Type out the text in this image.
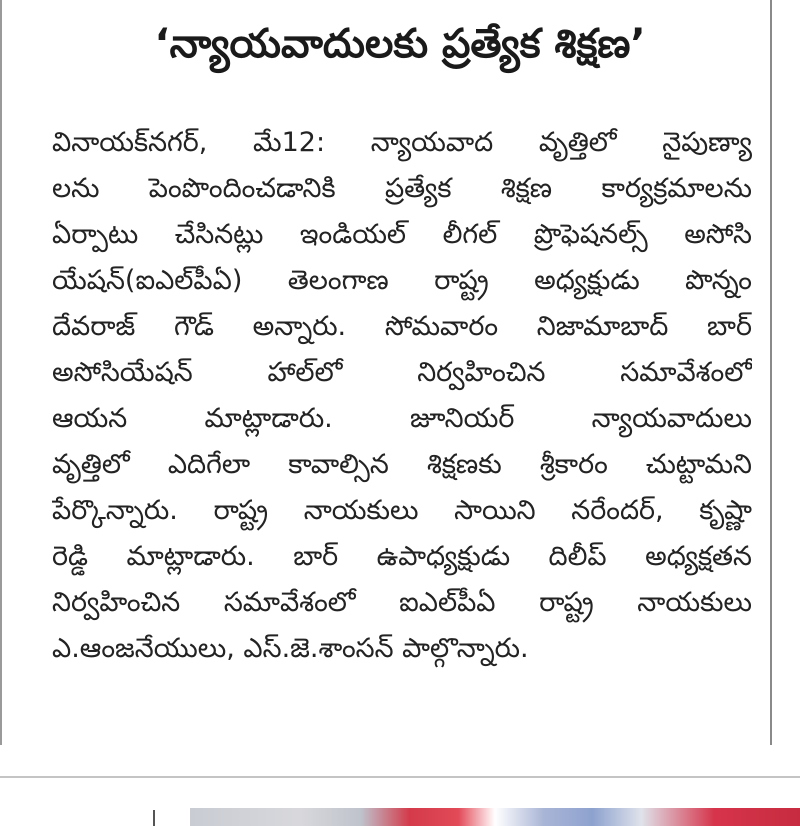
‘న్యాయవాదులకు ప్రత్యేక శిక్షణ’
వినాయక్‌నగర్, మే12: న్యాయవాద వృత్తిలో నైపుణ్యా
లను పెంపొందించడానికి ప్రత్యేక శిక్షణ కార్యక్రమాలను
ఏర్పాటు చేసినట్లు ఇండియల్ లీగల్ ప్రొఫెషనల్స్ అసోసి
యేషన్(ఐఎల్‌పీఏ) తెలంగాణ రాష్ట్ర అధ్యక్షుడు పొన్నం
దేవరాజ్ గౌడ్ అన్నారు. సోమవారం నిజామాబాద్ బార్
అసోసియేషన్ హాల్‌లో నిర్వహించిన సమావేశంలో
ఆయన మాట్లాడారు. జూనియర్ న్యాయవాదులు
వృత్తిలో ఎదిగేలా కావాల్సిన శిక్షణకు శ్రీకారం చుట్టామని
పేర్కొన్నారు. రాష్ట్ర నాయకులు సాయిని నరేందర్, కృష్ణా
రెడ్డి మాట్లాడారు. బార్ ఉపాధ్యక్షుడు దిలీప్ అధ్యక్షతన
నిర్వహించిన సమావేశంలో ఐఎల్‌పీఏ రాష్ట్ర నాయకులు
ఎ.ఆంజనేయులు, ఎస్.జె.శాంసన్ పాల్గొన్నారు.
